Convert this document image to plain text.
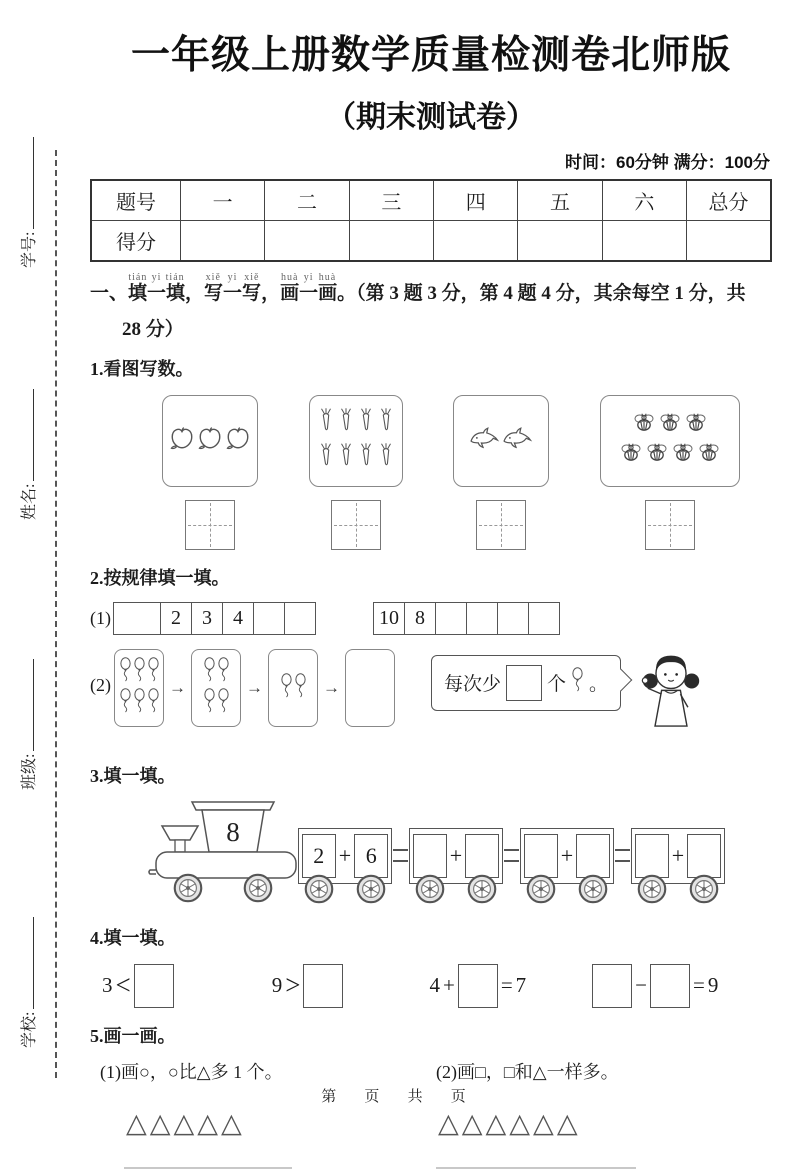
学号:
姓名:
班级:
学校:
一年级上册数学质量检测卷北师版
（期末测试卷）
时间：60分钟 满分：100分
题号	一	二	三	四	五	六	总分
得分							
一、填一填tián yi tián，写一写xiě yi xiě，画一画huà yi huà。（第 3 题 3 分，第 4 题 4 分，其余每空 1 分，共
28 分）
1.看图写数。
2.按规律填一填。
(1)	2	3	4	10 8
(2)	→	→	→	每次少 个 。
3.填一填。
8
2 + 6	+	+	+
4.填一填。
3 <	9 >	4 + = 7	− = 9
5.画一画。
(1)画○，○比△多 1 个。
△△△△△
(2)画□，□和△一样多。
△△△△△△
第 页 共 页
